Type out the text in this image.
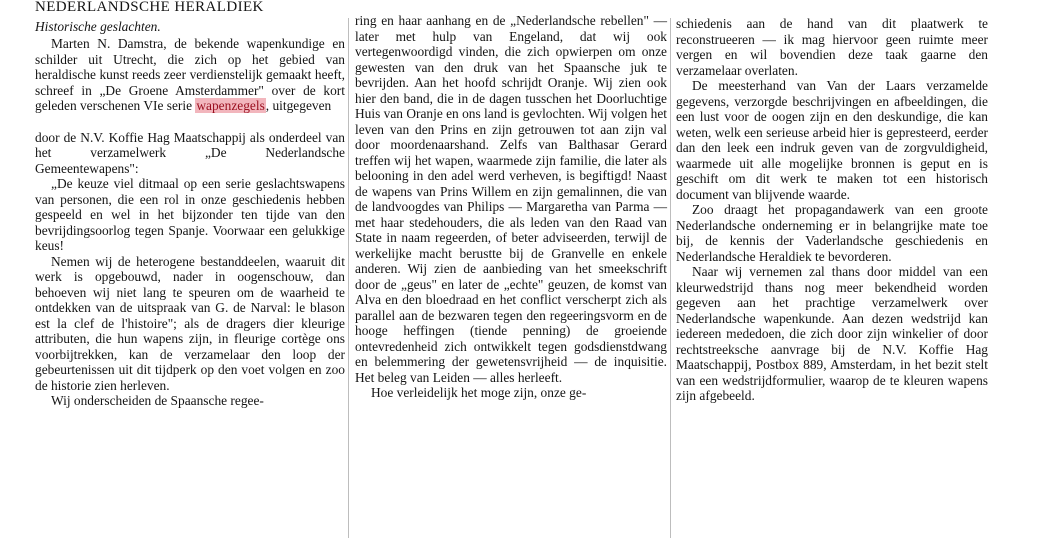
NEDERLANDSCHE HERALDIEK

Historische geslachten.

Marten N. Damstra, de bekende wapenkundige en schilder uit Utrecht, die zich op het gebied van heraldische kunst reeds zeer verdienstelijk gemaakt heeft, schreef in „De Groene Amsterdammer" over de kort geleden verschenen VIe serie wapenzegels, uitgegeven

door de N.V. Koffie Hag Maatschappij als onderdeel van het verzamelwerk „De Nederlandsche Gemeentewapens":

„De keuze viel ditmaal op een serie geslachtswapens van personen, die een rol in onze geschiedenis hebben gespeeld en wel in het bijzonder ten tijde van den bevrijdingsoorlog tegen Spanje. Voorwaar een gelukkige keus!

Nemen wij de heterogene bestanddeelen, waaruit dit werk is opgebouwd, nader in oogenschouw, dan behoeven wij niet lang te speuren om de waarheid te ontdekken van de uitspraak van G. de Narval: le blason est la clef de l'histoire"; als de dragers dier kleurige attributen, die hun wapens zijn, in fleurige cortège ons voorbijtrekken, kan de verzamelaar den loop der gebeurtenissen uit dit tijdperk op den voet volgen en zoo de historie zien herleven.

Wij onderscheiden de Spaansche regee-

ring en haar aanhang en de „Nederlandsche rebellen" — later met hulp van Engeland, dat wij ook vertegenwoordigd vinden, die zich opwierpen om onze gewesten van den druk van het Spaansche juk te bevrijden. Aan het hoofd schrijdt Oranje. Wij zien ook hier den band, die in de dagen tusschen het Doorluchtige Huis van Oranje en ons land is gevlochten. Wij volgen het leven van den Prins en zijn getrouwen tot aan zijn val door moordenaarshand. Zelfs van Balthasar Gerard treffen wij het wapen, waarmede zijn familie, die later als belooning in den adel werd verheven, is begiftigd! Naast de wapens van Prins Willem en zijn gemalinnen, die van de landvoogdes van Philips — Margaretha van Parma — met haar stedehouders, die als leden van den Raad van State in naam regeerden, of beter adviseerden, terwijl de werkelijke macht berustte bij de Granvelle en enkele anderen. Wij zien de aanbieding van het smeekschrift door de „geus" en later de „echte" geuzen, de komst van Alva en den bloedraad en het conflict verscherpt zich als parallel aan de bezwaren tegen den regeeringsvorm en de hooge heffingen (tiende penning) de groeiende ontevredenheid zich ontwikkelt tegen godsdienstdwang en belemmering der gewetensvrijheid — de inquisitie. Het beleg van Leiden — alles herleeft.

Hoe verleidelijk het moge zijn, onze ge-

schiedenis aan de hand van dit plaatwerk te reconstrueeren — ik mag hiervoor geen ruimte meer vergen en wil bovendien deze taak gaarne den verzamelaar overlaten.

De meesterhand van Van der Laars verzamelde gegevens, verzorgde beschrijvingen en afbeeldingen, die een lust voor de oogen zijn en den deskundige, die kan weten, welk een serieuse arbeid hier is gepresteerd, eerder dan den leek een indruk geven van de zorgvuldigheid, waarmede uit alle mogelijke bronnen is geput en is geschift om dit werk te maken tot een historisch document van blijvende waarde.

Zoo draagt het propagandawerk van een groote Nederlandsche onderneming er in belangrijke mate toe bij, de kennis der Vaderlandsche geschiedenis en Nederlandsche Heraldiek te bevorderen.

Naar wij vernemen zal thans door middel van een kleurwedstrijd thans nog meer bekendheid worden gegeven aan het prachtige verzamelwerk over Nederlandsche wapenkunde. Aan dezen wedstrijd kan iedereen mededoen, die zich door zijn winkelier of door rechtstreeksche aanvrage bij de N.V. Koffie Hag Maatschappij, Postbox 889, Amsterdam, in het bezit stelt van een wedstrijdformulier, waarop de te kleuren wapens zijn afgebeeld.
